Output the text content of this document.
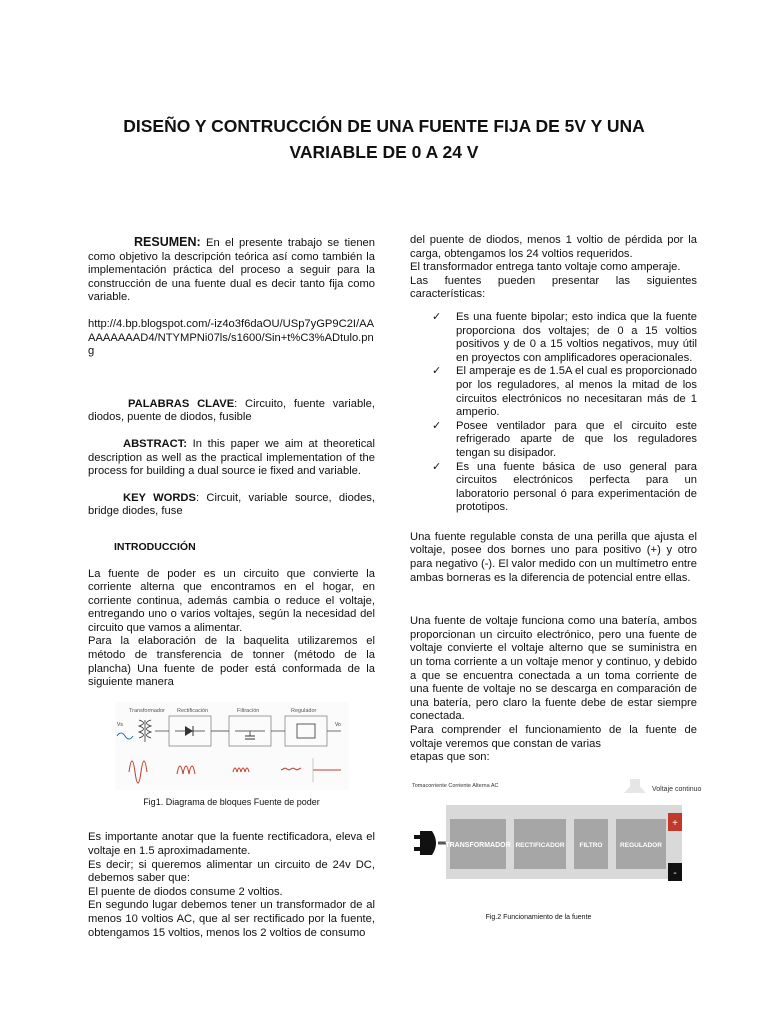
DISEÑO Y CONTRUCCIÓN DE UNA FUENTE FIJA DE 5V Y UNA
VARIABLE DE 0 A 24 V

RESUMEN: En el presente trabajo se tienen como objetivo la descripción teórica así como también la implementación práctica del proceso a seguir para la construcción de una fuente dual es decir tanto fija como variable.

http://4.bp.blogspot.com/-iz4o3f6daOU/USp7yGP9C2I/AAAAAAAAAD4/NTYMPNi07ls/s1600/Sin+t%C3%ADtulo.png

PALABRAS CLAVE: Circuito, fuente variable, diodos, puente de diodos, fusible

ABSTRACT: In this paper we aim at theoretical description as well as the practical implementation of the process for building a dual source ie fixed and variable.

KEY WORDS: Circuit, variable source, diodes, bridge diodes, fuse

INTRODUCCIÓN

La fuente de poder es un circuito que convierte la corriente alterna que encontramos en el hogar, en corriente continua, además cambia o reduce el voltaje, entregando uno o varios voltajes, según la necesidad del circuito que vamos a alimentar.

Para la elaboración de la baquelita utilizaremos el método de transferencia de tonner (método de la plancha) Una fuente de poder está conformada de la siguiente manera

Transformador Rectificación	Filtración	Regulador
Vs	Vo
Fig1. Diagrama de bloques Fuente de poder

Es importante anotar que la fuente rectificadora, eleva el voltaje en 1.5 aproximadamente.

Es decir; si queremos alimentar un circuito de 24v DC, debemos saber que:

El puente de diodos consume 2 voltios.

En segundo lugar debemos tener un transformador de al menos 10 voltios AC, que al ser rectificado por la fuente, obtengamos 15 voltios, menos los 2 voltios de consumo

del puente de diodos, menos 1 voltio de pérdida por la carga, obtengamos los 24 voltios requeridos.

El transformador entrega tanto voltaje como amperaje.

Las fuentes pueden presentar las siguientes características:

✓	Es una fuente bipolar; esto indica que la fuente proporciona dos voltajes; de 0 a 15 voltios positivos y de 0 a 15 voltios negativos, muy útil en proyectos con amplificadores operacionales.
✓	El amperaje es de 1.5A el cual es proporcionado por los reguladores, al menos la mitad de los circuitos electrónicos no necesitaran más de 1 amperio.
✓	Posee ventilador para que el circuito este refrigerado aparte de que los reguladores tengan su disipador.
✓	Es una fuente básica de uso general para circuitos electrónicos perfecta para un laboratorio personal ó para experimentación de prototipos.

Una fuente regulable consta de una perilla que ajusta el voltaje, posee dos bornes uno para positivo (+) y otro para negativo (-). El valor medido con un multímetro entre ambas borneras es la diferencia de potencial entre ellas.

Una fuente de voltaje funciona como una batería, ambos proporcionan un circuito electrónico, pero una fuente de voltaje convierte el voltaje alterno que se suministra en un toma corriente a un voltaje menor y continuo, y debido a que se encuentra conectada a un toma corriente de una fuente de voltaje no se descarga en comparación de una batería, pero claro la fuente debe de estar siempre conectada.

Para comprender el funcionamiento de la fuente de voltaje veremos que constan de varias

etapas que son:

Tomacorriente Corriente Alterna AC	Voltaje continuo
TRANSFORMADOR RECTIFICADOR FILTRO	REGULADOR
+
-
Fig.2 Funcionamiento de la fuente
